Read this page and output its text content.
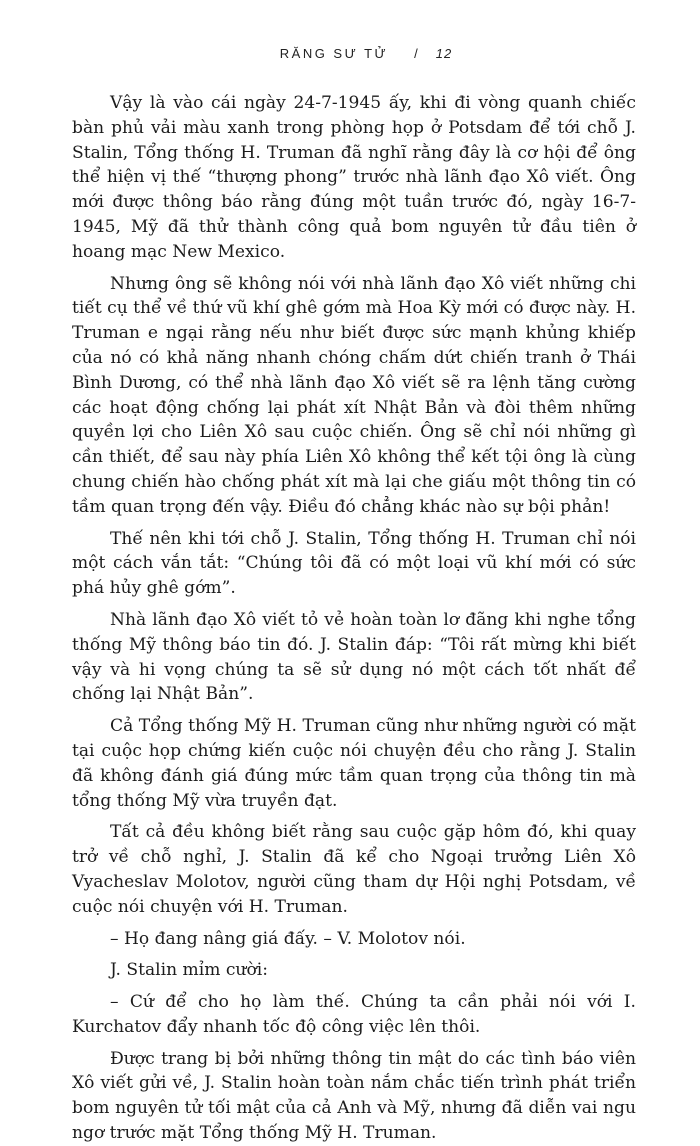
RĂNG SƯ TỬ / 12

Vậy là vào cái ngày 24-7-1945 ấy, khi đi vòng quanh chiếc bàn phủ vải màu xanh trong phòng họp ở Potsdam để tới chỗ J. Stalin, Tổng thống H. Truman đã nghĩ rằng đây là cơ hội để ông thể hiện vị thế “thượng phong” trước nhà lãnh đạo Xô viết. Ông mới được thông báo rằng đúng một tuần trước đó, ngày 16-7-1945, Mỹ đã thử thành công quả bom nguyên tử đầu tiên ở hoang mạc New Mexico.

Nhưng ông sẽ không nói với nhà lãnh đạo Xô viết những chi tiết cụ thể về thứ vũ khí ghê gớm mà Hoa Kỳ mới có được này. H. Truman e ngại rằng nếu như biết được sức mạnh khủng khiếp của nó có khả năng nhanh chóng chấm dứt chiến tranh ở Thái Bình Dương, có thể nhà lãnh đạo Xô viết sẽ ra lệnh tăng cường các hoạt động chống lại phát xít Nhật Bản và đòi thêm những quyền lợi cho Liên Xô sau cuộc chiến. Ông sẽ chỉ nói những gì cần thiết, để sau này phía Liên Xô không thể kết tội ông là cùng chung chiến hào chống phát xít mà lại che giấu một thông tin có tầm quan trọng đến vậy. Điều đó chẳng khác nào sự bội phản!

Thế nên khi tới chỗ J. Stalin, Tổng thống H. Truman chỉ nói một cách vắn tắt: “Chúng tôi đã có một loại vũ khí mới có sức phá hủy ghê gớm”.

Nhà lãnh đạo Xô viết tỏ vẻ hoàn toàn lơ đãng khi nghe tổng thống Mỹ thông báo tin đó. J. Stalin đáp: “Tôi rất mừng khi biết vậy và hi vọng chúng ta sẽ sử dụng nó một cách tốt nhất để chống lại Nhật Bản”.

Cả Tổng thống Mỹ H. Truman cũng như những người có mặt tại cuộc họp chứng kiến cuộc nói chuyện đều cho rằng J. Stalin đã không đánh giá đúng mức tầm quan trọng của thông tin mà tổng thống Mỹ vừa truyền đạt.

Tất cả đều không biết rằng sau cuộc gặp hôm đó, khi quay trở về chỗ nghỉ, J. Stalin đã kể cho Ngoại trưởng Liên Xô Vyacheslav Molotov, người cũng tham dự Hội nghị Potsdam, về cuộc nói chuyện với H. Truman.

– Họ đang nâng giá đấy. – V. Molotov nói.

J. Stalin mỉm cười:

– Cứ để cho họ làm thế. Chúng ta cần phải nói với I. Kurchatov đẩy nhanh tốc độ công việc lên thôi.

Được trang bị bởi những thông tin mật do các tình báo viên Xô viết gửi về, J. Stalin hoàn toàn nắm chắc tiến trình phát triển bom nguyên tử tối mật của cả Anh và Mỹ, nhưng đã diễn vai ngu ngơ trước mặt Tổng thống Mỹ H. Truman.
